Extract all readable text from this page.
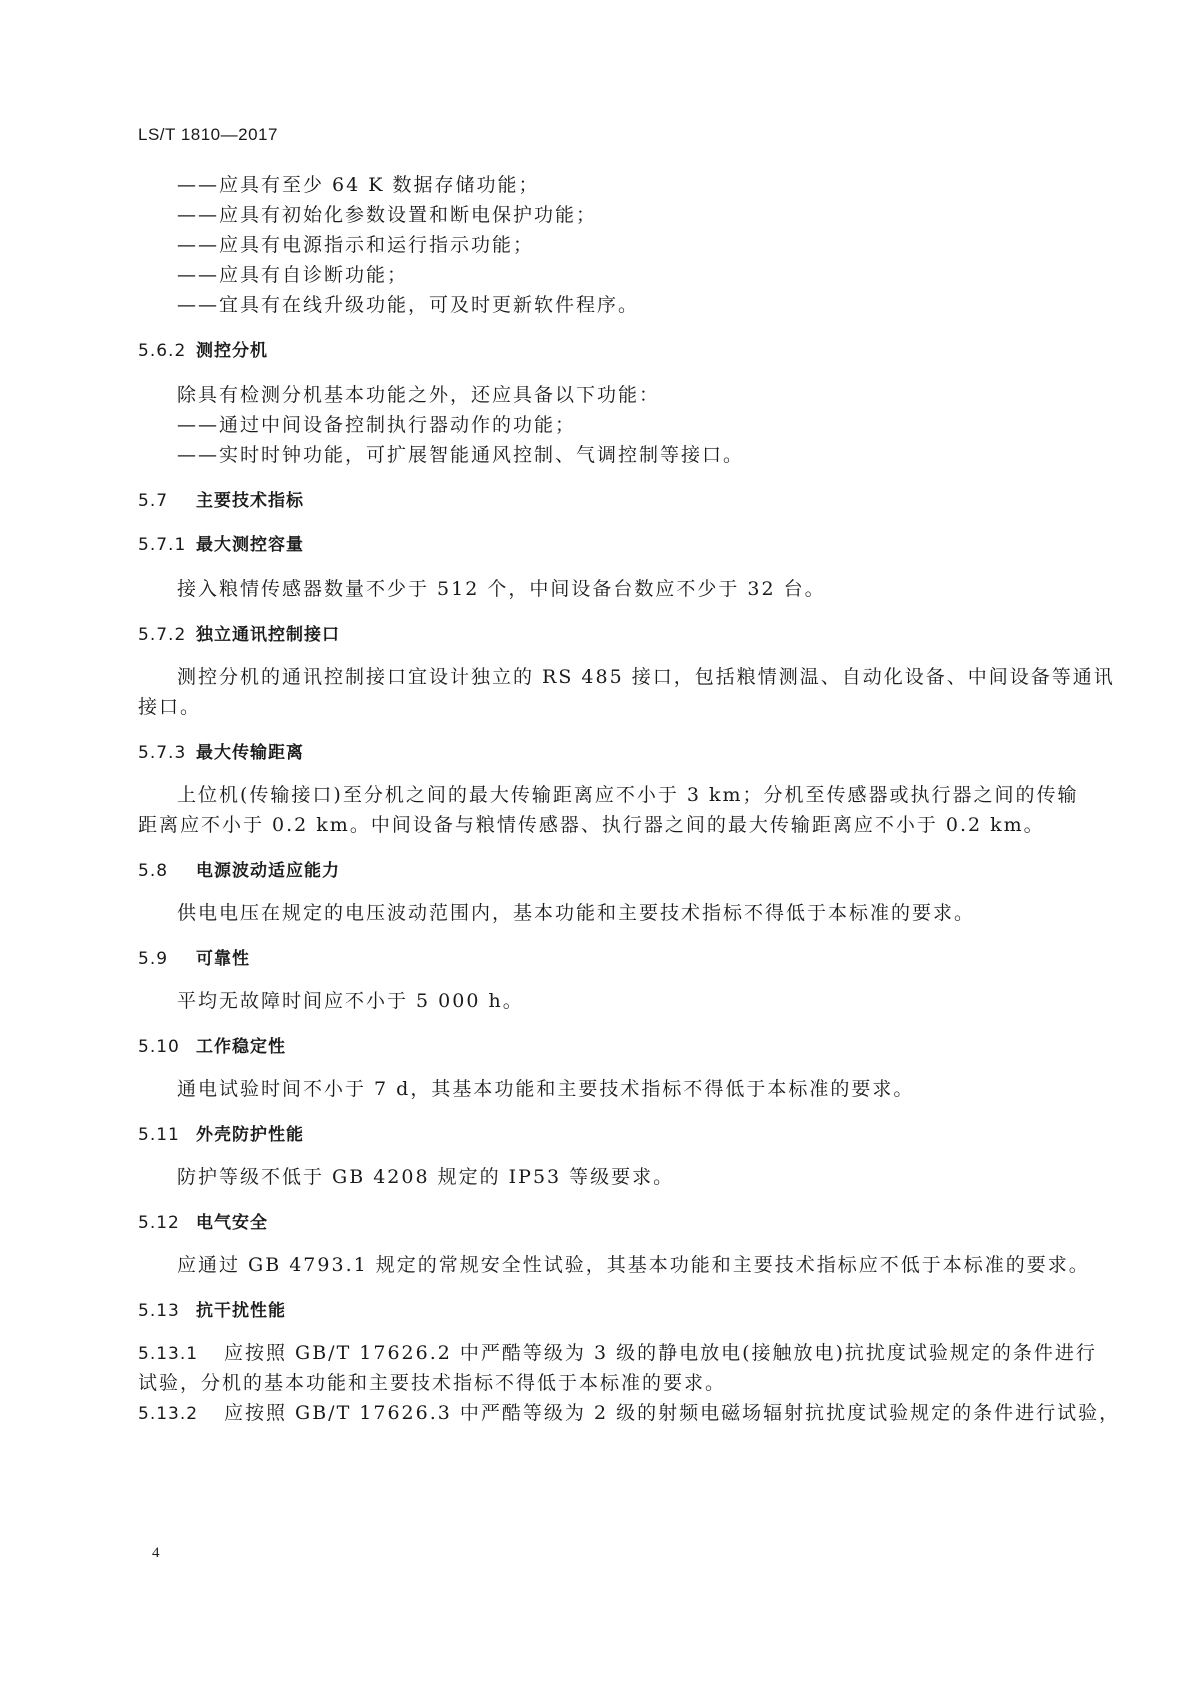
LS/T 1810—2017
——应具有至少 64 K 数据存储功能；
——应具有初始化参数设置和断电保护功能；
——应具有电源指示和运行指示功能；
——应具有自诊断功能；
——宜具有在线升级功能，可及时更新软件程序。
5.6.2 测控分机
除具有检测分机基本功能之外，还应具备以下功能：
——通过中间设备控制执行器动作的功能；
——实时时钟功能，可扩展智能通风控制、气调控制等接口。
5.7 主要技术指标
5.7.1 最大测控容量
接入粮情传感器数量不少于 512 个，中间设备台数应不少于 32 台。
5.7.2 独立通讯控制接口
测控分机的通讯控制接口宜设计独立的 RS 485 接口，包括粮情测温、自动化设备、中间设备等通讯
接口。
5.7.3 最大传输距离
上位机(传输接口)至分机之间的最大传输距离应不小于 3 km；分机至传感器或执行器之间的传输
距离应不小于 0.2 km。中间设备与粮情传感器、执行器之间的最大传输距离应不小于 0.2 km。
5.8 电源波动适应能力
供电电压在规定的电压波动范围内，基本功能和主要技术指标不得低于本标准的要求。
5.9 可靠性
平均无故障时间应不小于 5 000 h。
5.10 工作稳定性
通电试验时间不小于 7 d，其基本功能和主要技术指标不得低于本标准的要求。
5.11 外壳防护性能
防护等级不低于 GB 4208 规定的 IP53 等级要求。
5.12 电气安全
应通过 GB 4793.1 规定的常规安全性试验，其基本功能和主要技术指标应不低于本标准的要求。
5.13 抗干扰性能
5.13.1 应按照 GB/T 17626.2 中严酷等级为 3 级的静电放电(接触放电)抗扰度试验规定的条件进行
试验，分机的基本功能和主要技术指标不得低于本标准的要求。
5.13.2 应按照 GB/T 17626.3 中严酷等级为 2 级的射频电磁场辐射抗扰度试验规定的条件进行试验，
4
